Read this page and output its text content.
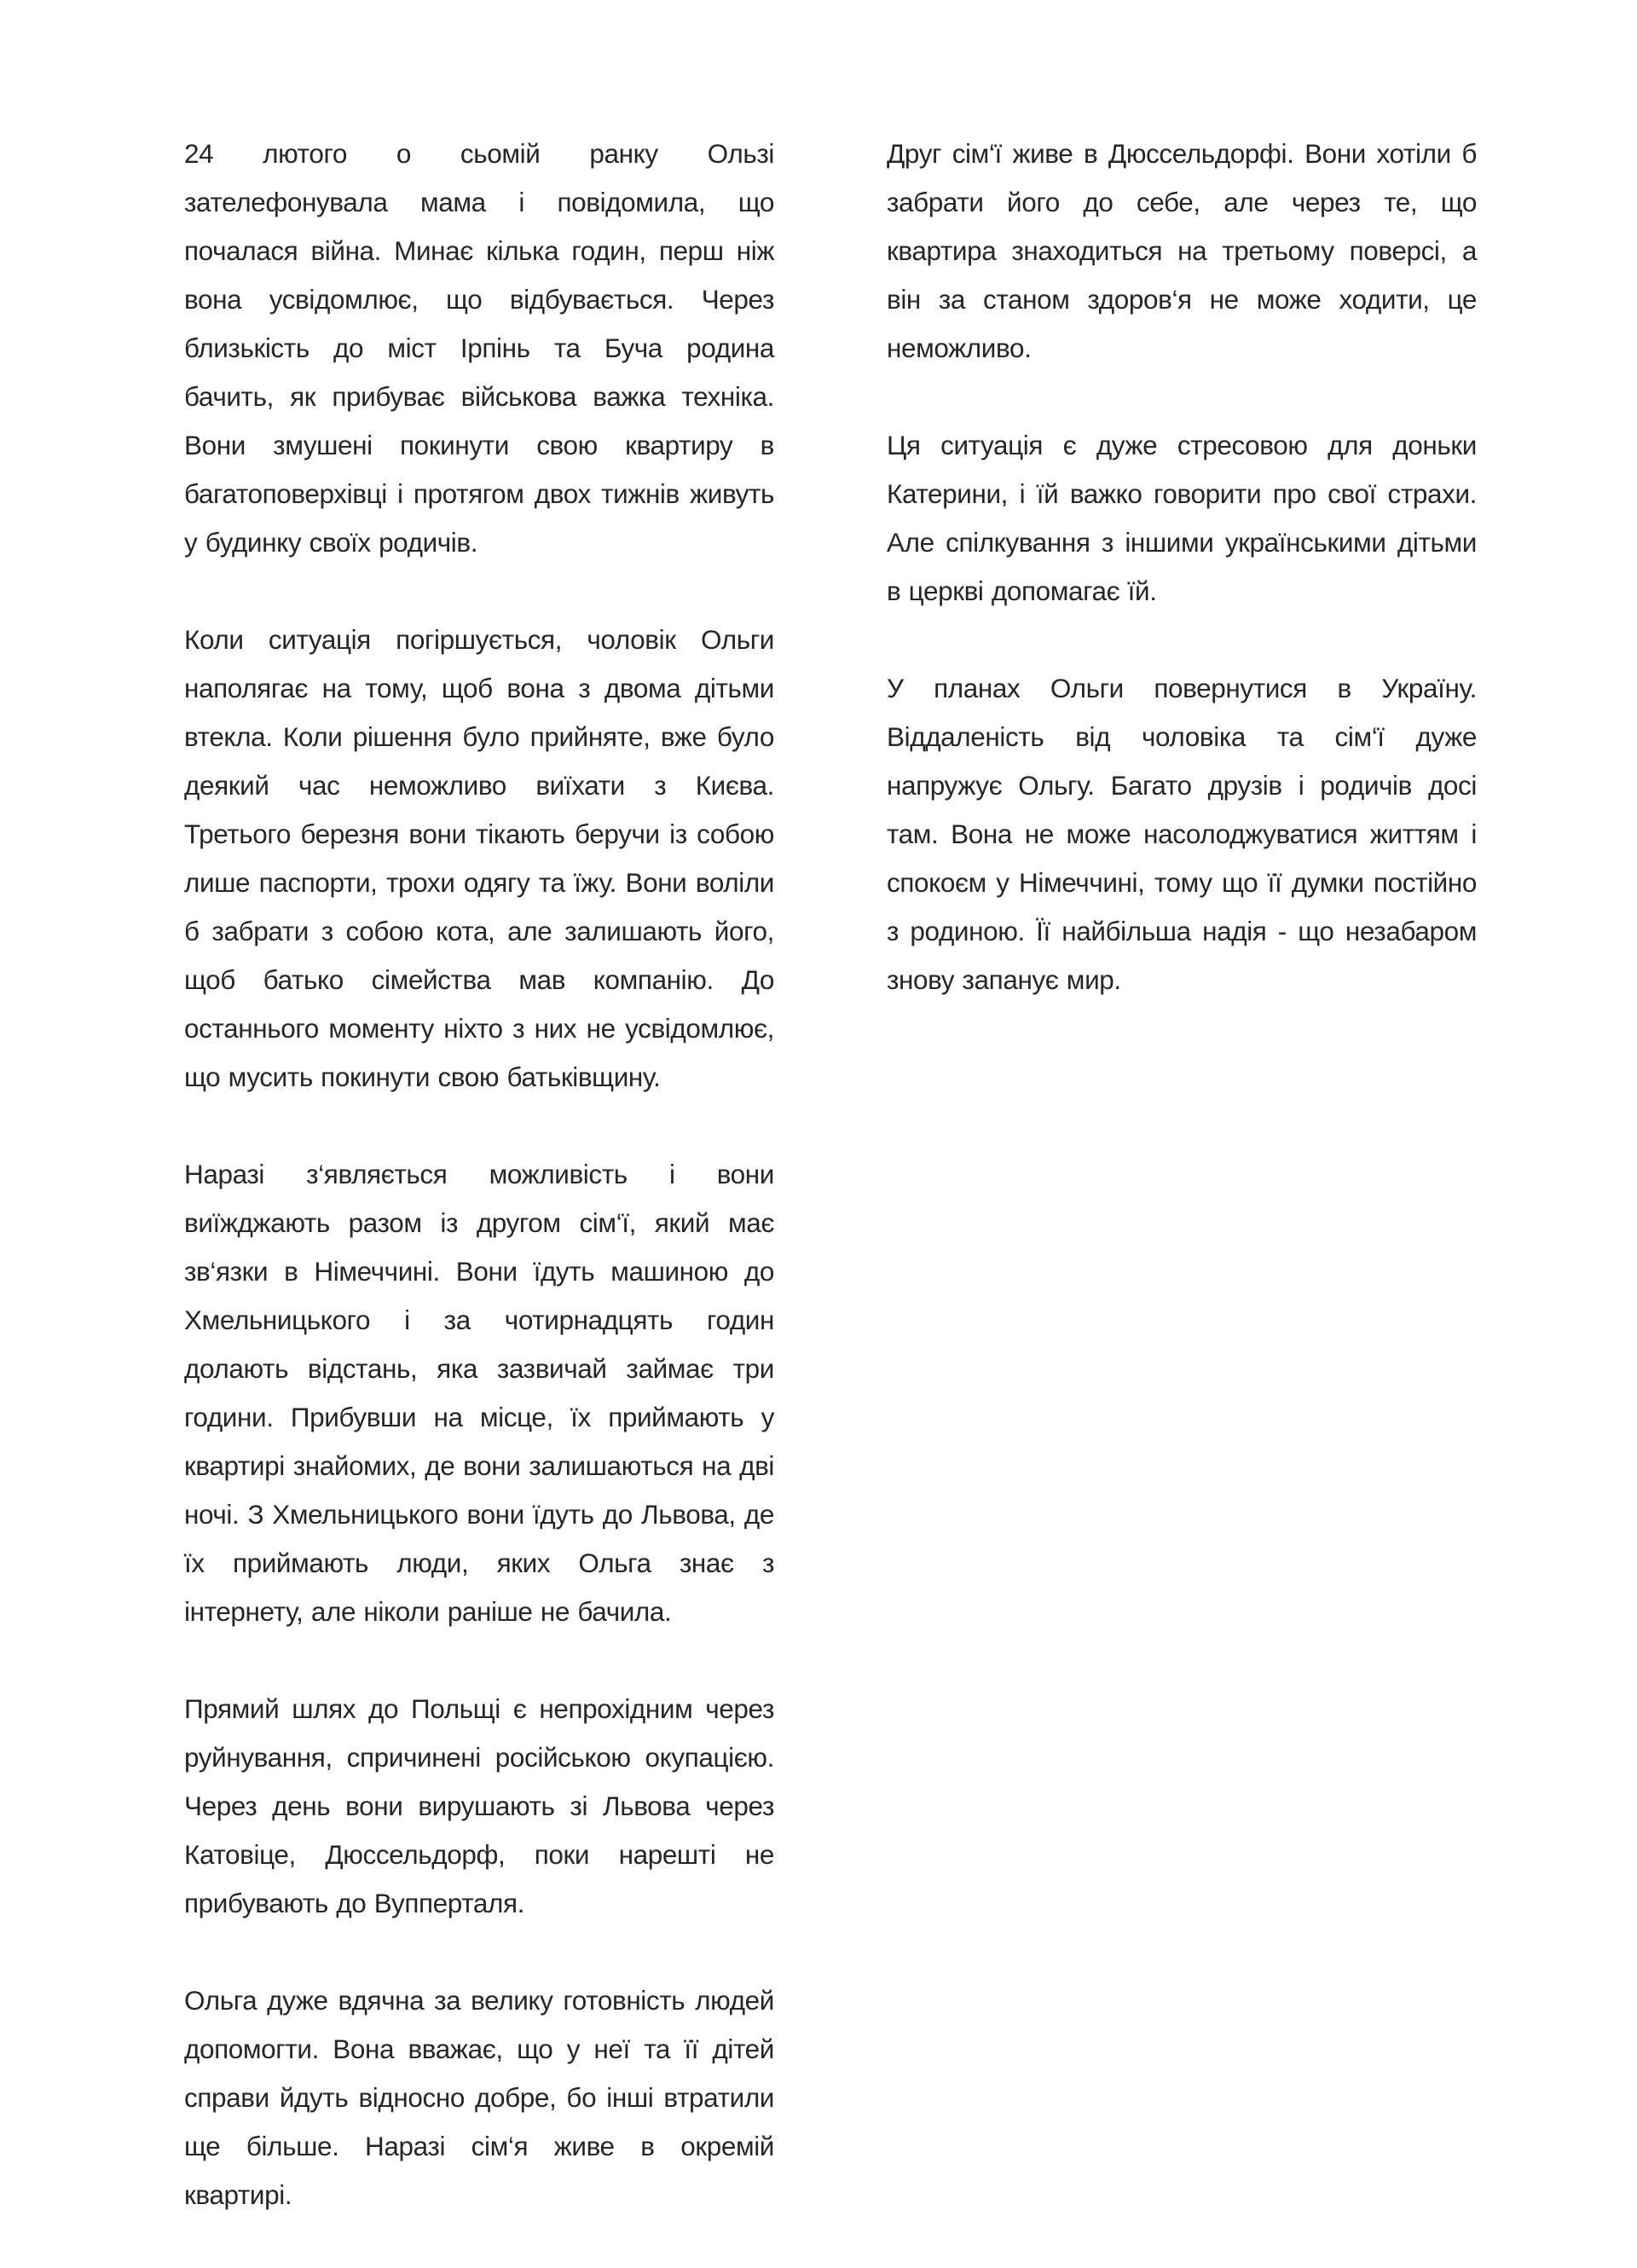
24 лютого о сьомій ранку Ользі зателефонувала мама і повідомила, що почалася війна. Минає кілька годин, перш ніж вона усвідомлює, що відбувається. Через близькість до міст Ірпінь та Буча родина бачить, як прибуває військова важка техніка. Вони змушені покинути свою квартиру в багатоповерхівці і протягом двох тижнів живуть у будинку своїх родичів.

Коли ситуація погіршується, чоловік Ольги наполягає на тому, щоб вона з двома дітьми втекла. Коли рішення було прийняте, вже було деякий час неможливо виїхати з Києва. Третього березня вони тікають беручи із собою лише паспорти, трохи одягу та їжу. Вони воліли б забрати з собою кота, але залишають його, щоб батько сімейства мав компанію. До останнього моменту ніхто з них не усвідомлює, що мусить покинути свою батьківщину.

Наразі з‘являється можливість і вони виїжджають разом із другом сім‘ї, який має зв‘язки в Німеччині. Вони їдуть машиною до Хмельницького і за чотирнадцять годин долають відстань, яка зазвичай займає три години. Прибувши на місце, їх приймають у квартирі знайомих, де вони залишаються на дві ночі. З Хмельницького вони їдуть до Львова, де їх приймають люди, яких Ольга знає з інтернету, але ніколи раніше не бачила.

Прямий шлях до Польщі є непрохідним через руйнування, спричинені російською окупацією. Через день вони вирушають зі Львова через Катовіце, Дюссельдорф, поки нарешті не прибувають до Вупперталя.

Ольга дуже вдячна за велику готовність людей допомогти. Вона вважає, що у неї та її дітей справи йдуть відносно добре, бо інші втратили ще більше. Наразі сім‘я живе в окремій квартирі.

Друг сім‘ї живе в Дюссельдорфі. Вони хотіли б забрати його до себе, але через те, що квартира знаходиться на третьому поверсі, а він за станом здоров‘я не може ходити, це неможливо.

Ця ситуація є дуже стресовою для доньки Катерини, і їй важко говорити про свої страхи. Але спілкування з іншими українськими дітьми в церкві допомагає їй.

У планах Ольги повернутися в Україну. Віддаленість від чоловіка та сім‘ї дуже напружує Ольгу. Багато друзів і родичів досі там. Вона не може насолоджуватися життям і спокоєм у Німеччині, тому що її думки постійно з родиною. Її найбільша надія - що незабаром знову запанує мир.
